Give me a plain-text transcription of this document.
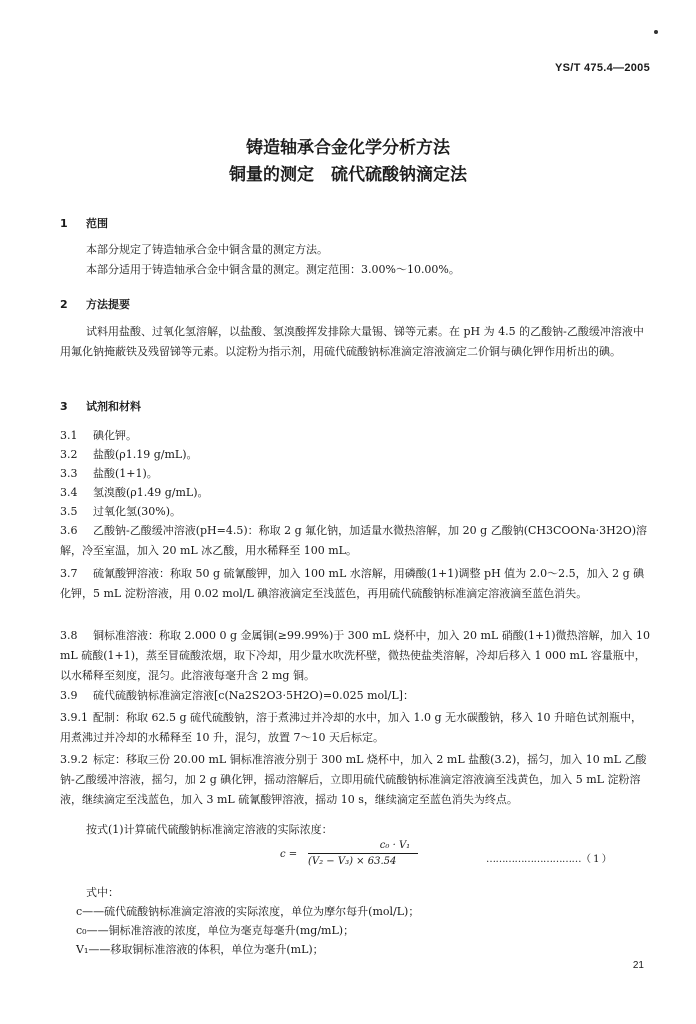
YS/T 475.4—2005
铸造轴承合金化学分析方法
铜量的测定　硫代硫酸钠滴定法
1 范围

本部分规定了铸造轴承合金中铜含量的测定方法。

本部分适用于铸造轴承合金中铜含量的测定。测定范围：3.00%～10.00%。

2 方法提要

试料用盐酸、过氧化氢溶解，以盐酸、氢溴酸挥发排除大量锡、锑等元素。在 pH 为 4.5 的乙酸钠-乙酸缓冲溶液中用氟化钠掩蔽铁及残留锑等元素。以淀粉为指示剂，用硫代硫酸钠标准滴定溶液滴定二价铜与碘化钾作用析出的碘。

3 试剂和材料
3.1 碘化钾。
3.2 盐酸(ρ1.19 g/mL)。
3.3 盐酸(1+1)。
3.4 氢溴酸(ρ1.49 g/mL)。
3.5 过氧化氢(30%)。
3.6 乙酸钠-乙酸缓冲溶液(pH=4.5)：称取 2 g 氟化钠，加适量水微热溶解，加 20 g 乙酸钠(CH3COONa·3H2O)溶解，冷至室温，加入 20 mL 冰乙酸，用水稀释至 100 mL。
3.7 硫氰酸钾溶液：称取 50 g 硫氰酸钾，加入 100 mL 水溶解，用磷酸(1+1)调整 pH 值为 2.0～2.5，加入 2 g 碘化钾，5 mL 淀粉溶液，用 0.02 mol/L 碘溶液滴定至浅蓝色，再用硫代硫酸钠标准滴定溶液滴至蓝色消失。
3.8 铜标准溶液：称取 2.000 0 g 金属铜(≥99.99%)于 300 mL 烧杯中，加入 20 mL 硝酸(1+1)微热溶解，加入 10 mL 硫酸(1+1)，蒸至冒硫酸浓烟，取下冷却，用少量水吹洗杯壁，微热使盐类溶解，冷却后移入 1 000 mL 容量瓶中，以水稀释至刻度，混匀。此溶液每毫升含 2 mg 铜。
3.9 硫代硫酸钠标准滴定溶液[c(Na2S2O3·5H2O)=0.025 mol/L]：
3.9.1 配制：称取 62.5 g 硫代硫酸钠，溶于煮沸过并冷却的水中，加入 1.0 g 无水碳酸钠，移入 10 升暗色试剂瓶中，用煮沸过并冷却的水稀释至 10 升，混匀，放置 7～10 天后标定。
3.9.2 标定：移取三份 20.00 mL 铜标准溶液分别于 300 mL 烧杯中，加入 2 mL 盐酸(3.2)，摇匀，加入 10 mL 乙酸钠-乙酸缓冲溶液，摇匀，加 2 g 碘化钾，摇动溶解后，立即用硫代硫酸钠标准滴定溶液滴至浅黄色，加入 5 mL 淀粉溶液，继续滴定至浅蓝色，加入 3 mL 硫氰酸钾溶液，摇动 10 s，继续滴定至蓝色消失为终点。
按式(1)计算硫代硫酸钠标准滴定溶液的实际浓度：
c =
c₀ · V₁
(V₂ − V₃) × 63.54	…………………………（ 1 ）
式中：
c——硫代硫酸钠标准滴定溶液的实际浓度，单位为摩尔每升(mol/L)；
c₀——铜标准溶液的浓度，单位为毫克每毫升(mg/mL)；
V₁——移取铜标准溶液的体积，单位为毫升(mL)；
21
